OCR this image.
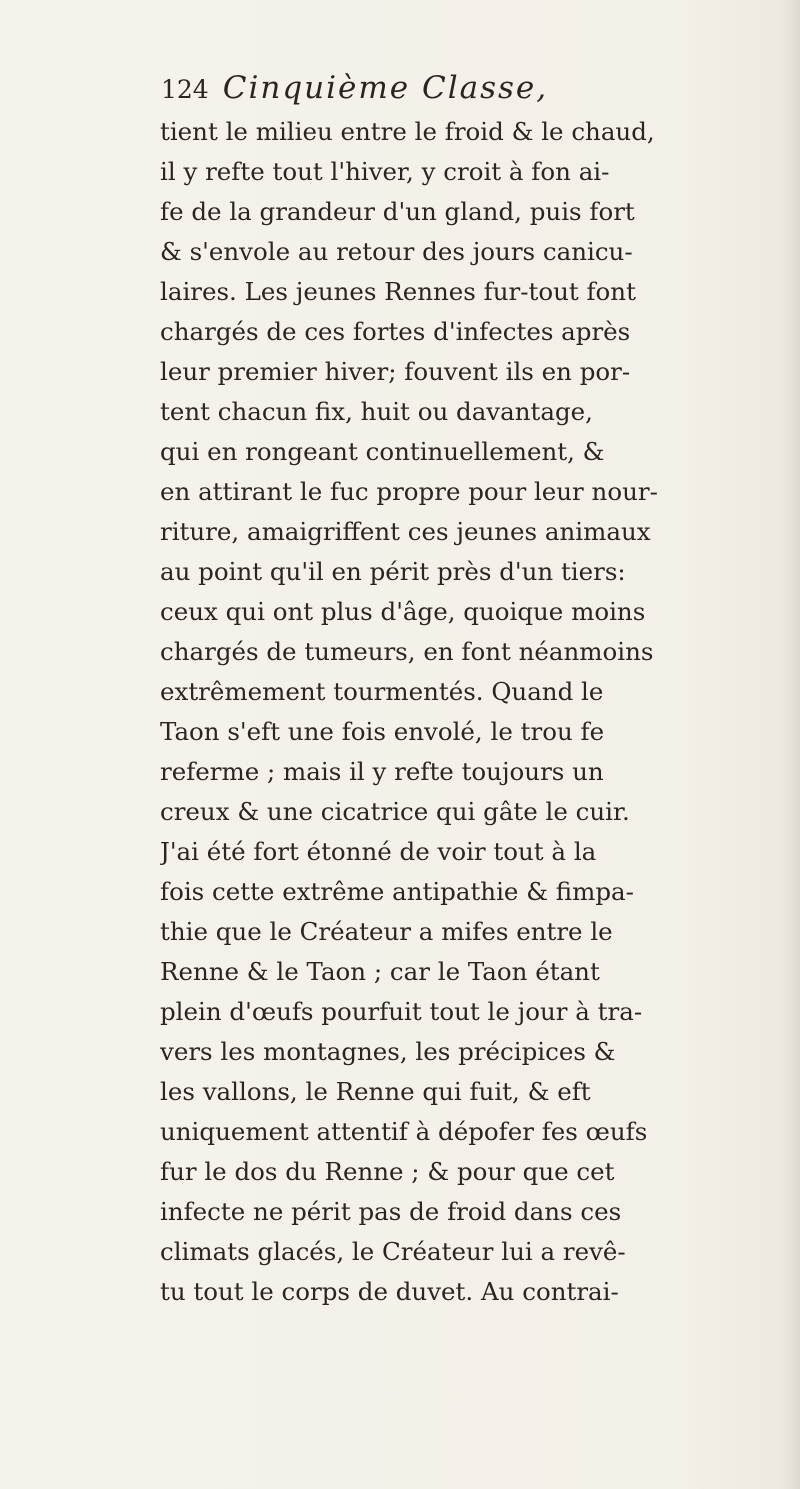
124 Cinquième Classe,
tient le milieu entre le froid & le chaud,
il y refte tout l'hiver, y croit à fon ai-
fe de la grandeur d'un gland, puis fort
& s'envole au retour des jours canicu-
laires. Les jeunes Rennes fur-tout font
chargés de ces fortes d'infectes après
leur premier hiver; fouvent ils en por-
tent chacun fix, huit ou davantage,
qui en rongeant continuellement, &
en attirant le fuc propre pour leur nour-
riture, amaigriffent ces jeunes animaux
au point qu'il en périt près d'un tiers:
ceux qui ont plus d'âge, quoique moins
chargés de tumeurs, en font néanmoins
extrêmement tourmentés. Quand le
Taon s'eft une fois envolé, le trou fe
referme ; mais il y refte toujours un
creux & une cicatrice qui gâte le cuir.
J'ai été fort étonné de voir tout à la
fois cette extrême antipathie & fimpa-
thie que le Créateur a mifes entre le
Renne & le Taon ; car le Taon étant
plein d'œufs pourfuit tout le jour à tra-
vers les montagnes, les précipices &
les vallons, le Renne qui fuit, & eft
uniquement attentif à dépofer fes œufs
fur le dos du Renne ; & pour que cet
infecte ne périt pas de froid dans ces
climats glacés, le Créateur lui a revê-
tu tout le corps de duvet. Au contrai-
